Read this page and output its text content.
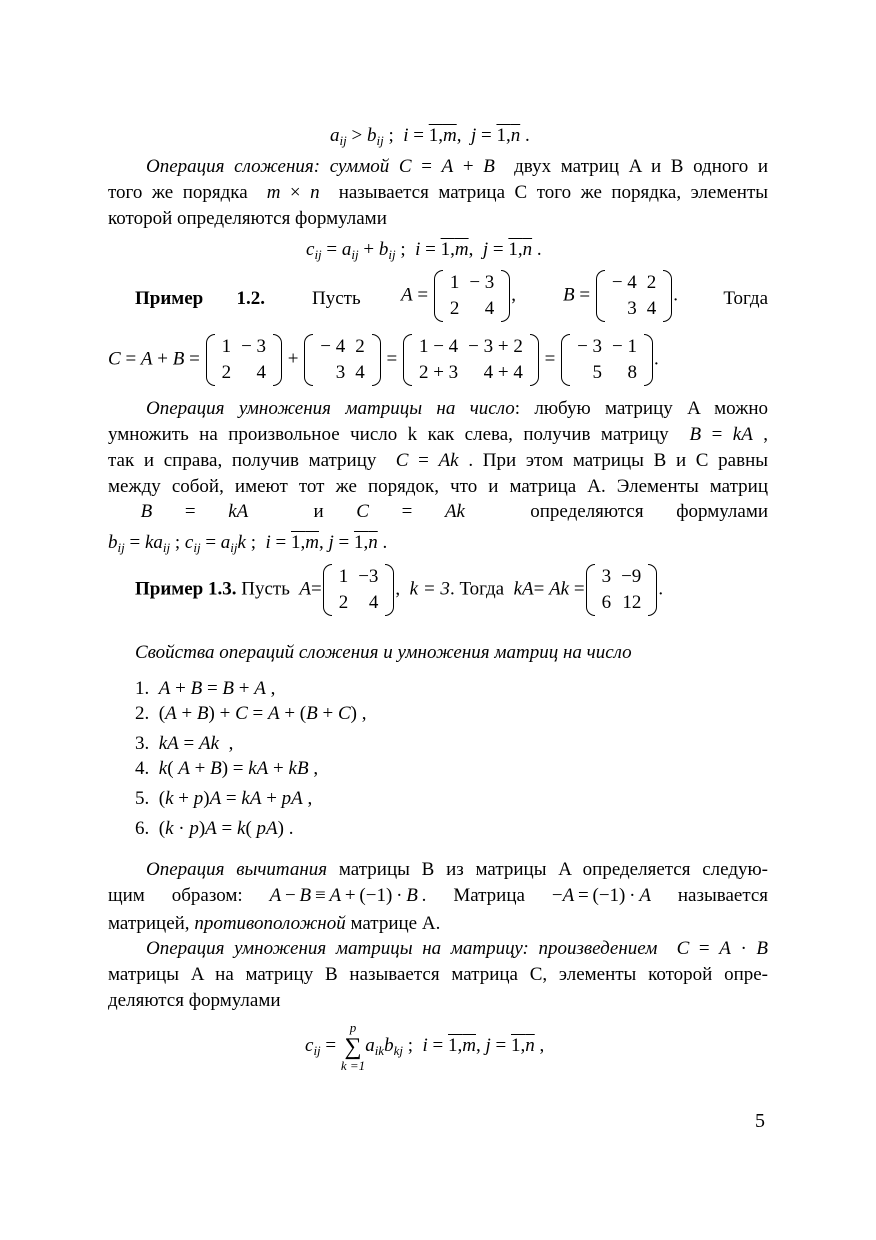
$a_{ij} > b_{ij}$ ;  i = 1,m,  j = 1,n .
  Операция сложения: суммой C = A + B двух матриц A и B одного и
того же порядка m × n называется матрица C того же порядка, элементы
которой определяются формулами
$c_{ij} = a_{ij} + b_{ij}$ ;  i = 1,m,  j = 1,n .
Пример 1.2. Пусть A =
1	− 3
2	4
, B =
− 4	2
3	4
. Тогда
C = A + B =
1	− 3
2	4
+
− 4	2
3	4
=
1 − 4	− 3 + 2
2 + 3	4 + 4
=
− 3	− 1
5	8
.
  Операция умножения матрицы на число: любую матрицу A можно
умножить на произвольное число k как слева, получив матрицу B = kA ,
так и справа, получив матрицу C = Ak . При этом матрицы B и C равны
между собой, имеют тот же порядок, что и матрица A. Элементы матриц
B = kA	и C = Ak	определяются формулами
$b_{ij} = ka_{ij}$ ; $c_{ij} = a_{ij}k$ ;  i = 1,m, j = 1,n .
Пример 1.3. Пусть A=
1	−3
2	4
,  k = 3. Тогда kA= Ak =
3	−9
6	12
.
Свойства операций сложения и умножения матриц на число
1.  A + B = B + A ,
2.  (A + B) + C = A + (B + C) ,
3.  kA = Ak  ,
4.  k( A + B) = kA + kB ,
5.  (k + p)A = kA + pA ,
6.  (k · p)A = k( pA) .
  Операция вычитания матрицы B из матрицы A определяется следую-
щим образом: A − B ≡ A + (−1) · B . Матрица −A = (−1) · A называется
матрицей, противоположной матрице A.
  Операция умножения матрицы на матрицу: произведением C = A · B
матрицы A на матрицу B называется матрица C, элементы которой опре-
деляются формулами
$c_{ij}$ =
p
∑
k =1
$a_{ik}b_{kj}$ ;  i = 1,m, j = 1,n ,
5
